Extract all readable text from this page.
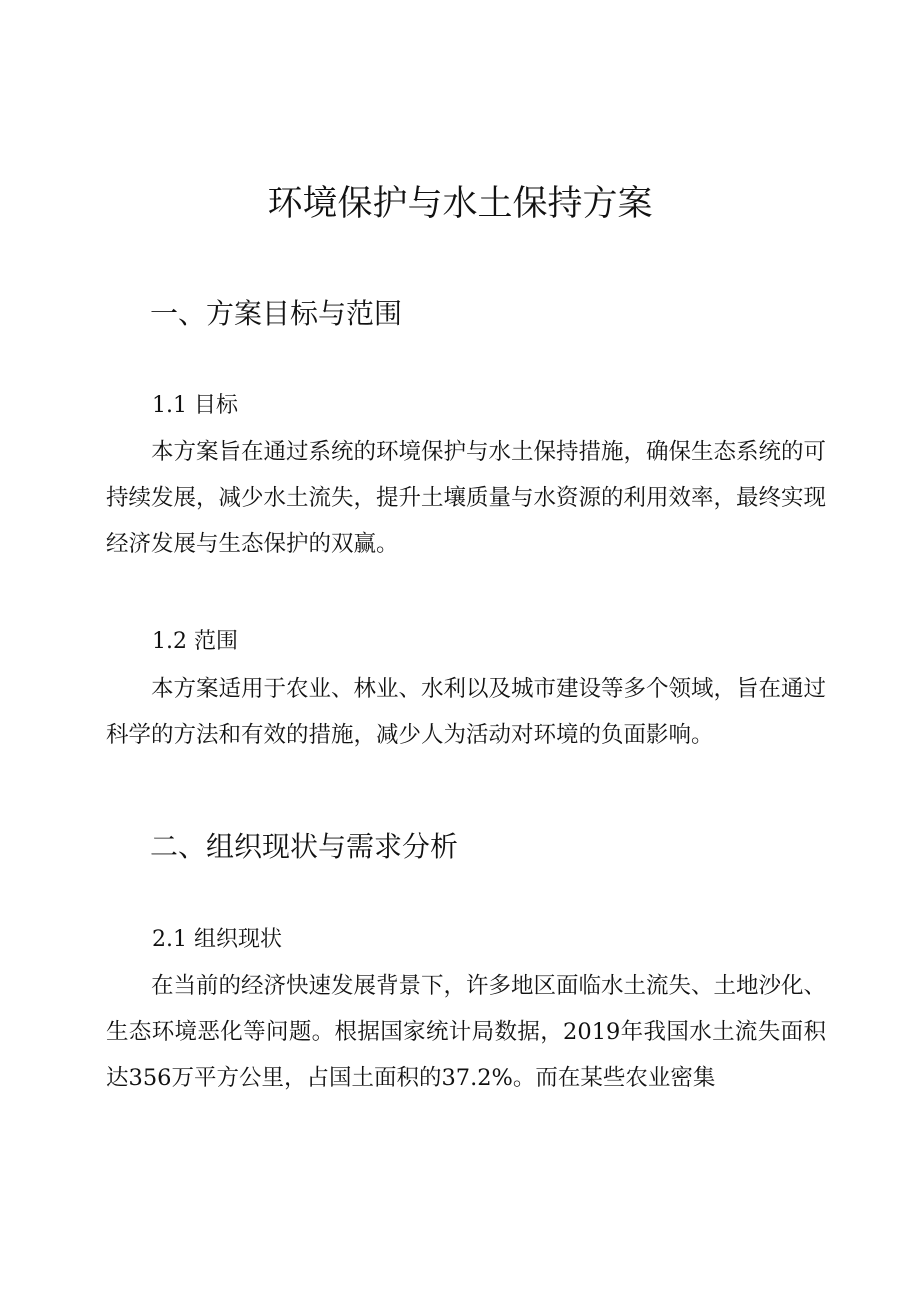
环境保护与水土保持方案
一、方案目标与范围
1.1 目标

本方案旨在通过系统的环境保护与水土保持措施，确保生态系统的可持续发展，减少水土流失，提升土壤质量与水资源的利用效率，最终实现经济发展与生态保护的双赢。

1.2 范围

本方案适用于农业、林业、水利以及城市建设等多个领域，旨在通过科学的方法和有效的措施，减少人为活动对环境的负面影响。

二、组织现状与需求分析
2.1 组织现状

在当前的经济快速发展背景下，许多地区面临水土流失、土地沙化、生态环境恶化等问题。根据国家统计局数据，2019年我国水土流失面积达356万平方公里，占国土面积的37.2%。而在某些农业密集
